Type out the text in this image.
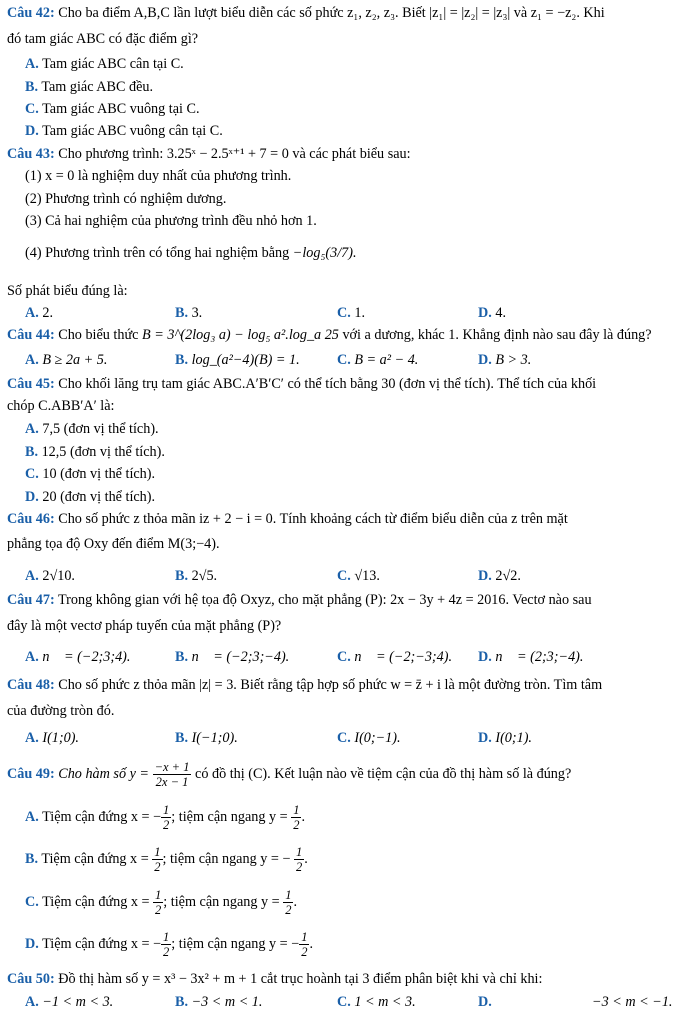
Câu 42: Cho ba điểm A,B,C lần lượt biểu diễn các số phức z₁, z₂, z₃. Biết |z₁| = |z₂| = |z₃| và z₁ = −z₂. Khi
đó tam giác ABC có đặc điểm gì?
A. Tam giác ABC cân tại C.
B. Tam giác ABC đều.
C. Tam giác ABC vuông tại C.
D. Tam giác ABC vuông cân tại C.
Câu 43: Cho phương trình: 3.25ˣ − 2.5ˣ⁺¹ + 7 = 0 và các phát biểu sau:
(1) x = 0 là nghiệm duy nhất của phương trình.
(2) Phương trình có nghiệm dương.
(3) Cả hai nghiệm của phương trình đều nhỏ hơn 1.
(4) Phương trình trên có tổng hai nghiệm bằng −log₅(3/7).
Số phát biểu đúng là:
A. 2.	B. 3.	C. 1.	D. 4.
Câu 44: Cho biểu thức B = 3^(2log₃ a) − log₅ a².log_a 25 với a dương, khác 1. Khẳng định nào sau đây là đúng?
A. B ≥ 2a + 5.	B. log_(a²−4)(B) = 1.	C. B = a² − 4.	D. B > 3.
Câu 45: Cho khối lăng trụ tam giác ABC.A′B′C′ có thể tích bằng 30 (đơn vị thể tích). Thể tích của khối
chóp C.ABB′A′ là:
A. 7,5 (đơn vị thể tích).
B. 12,5 (đơn vị thể tích).
C. 10 (đơn vị thể tích).
D. 20 (đơn vị thể tích).
Câu 46: Cho số phức z thỏa mãn iz + 2 − i = 0. Tính khoảng cách từ điểm biểu diễn của z trên mặt
phẳng tọa độ Oxy đến điểm M(3;−4).
A. 2√10.	B. 2√5.	C. √13.	D. 2√2.
Câu 47: Trong không gian với hệ tọa độ Oxyz, cho mặt phẳng (P): 2x − 3y + 4z = 2016. Vectơ nào sau
đây là một vectơ pháp tuyến của mặt phẳng (P)?
A. n⃗ = (−2;3;4).	B. n⃗ = (−2;3;−4).	C. n⃗ = (−2;−3;4). D. n⃗ = (2;3;−4).
Câu 48: Cho số phức z thỏa mãn |z| = 3. Biết rằng tập hợp số phức w = z̄ + i là một đường tròn. Tìm tâm
của đường tròn đó.
A. I(1;0).	B. I(−1;0).	C. I(0;−1).	D. I(0;1).
Câu 49: Cho hàm số $y = \frac{-x + 1}{2x - 1}$ có đồ thị (C). Kết luận nào về tiệm cận của đồ thị hàm số là đúng?
A. Tiệm cận đứng x = − $\frac{1}{2}$ ; tiệm cận ngang $y = \frac{1}{2}$ .
B. Tiệm cận đứng $x = \frac{1}{2}$ ; tiệm cận ngang y = − $\frac{1}{2}$ .
C. Tiệm cận đứng $x = \frac{1}{2}$ ; tiệm cận ngang $y = \frac{1}{2}$ .
D. Tiệm cận đứng x = − $\frac{1}{2}$ ; tiệm cận ngang y = − $\frac{1}{2}$ .
Câu 50: Đồ thị hàm số y = x³ − 3x² + m + 1 cắt trục hoành tại 3 điểm phân biệt khi và chỉ khi:
A. −1 < m < 3.	B. −3 < m < 1.	C. 1 < m < 3.	D.	−3 < m < −1.
